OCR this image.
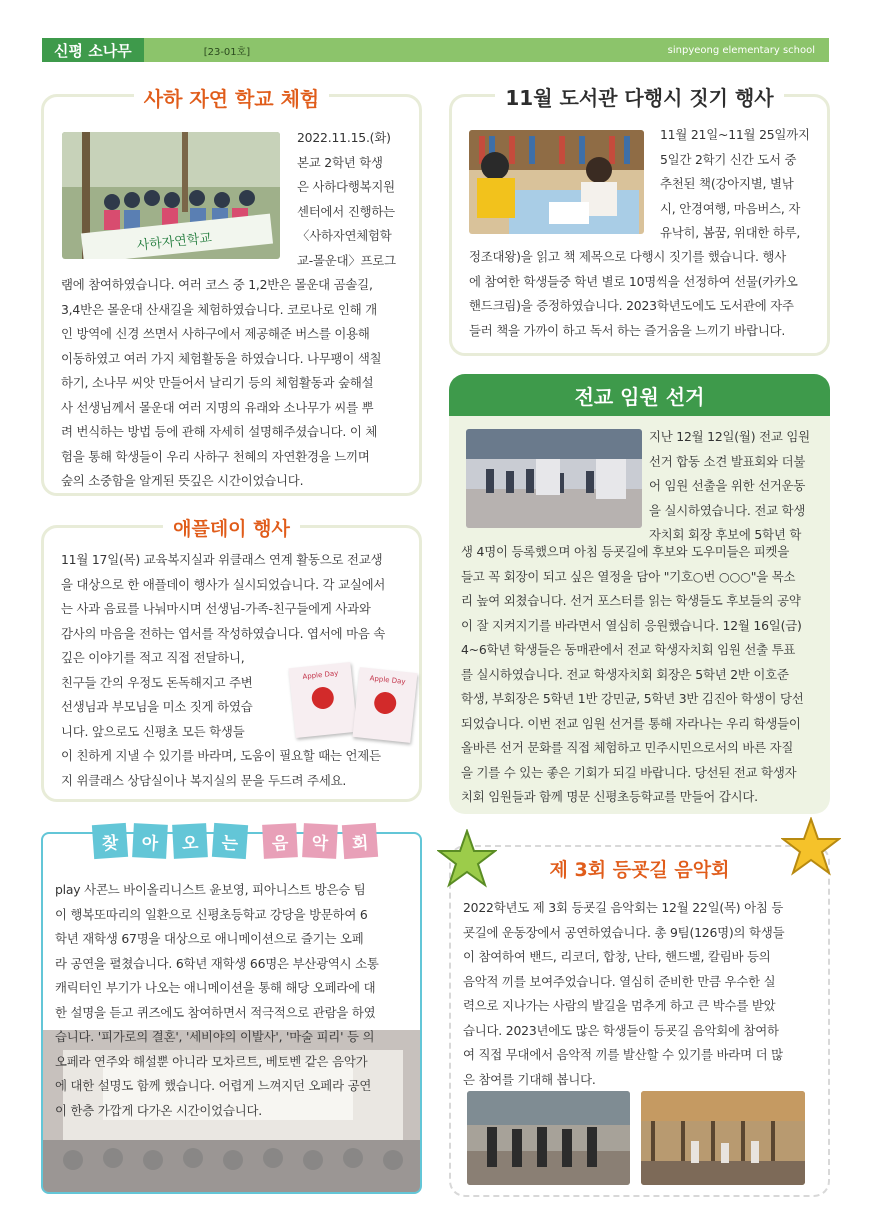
신평 소나무	[23-01호]	sinpyeong elementary school
사하 자연 학교 체험
사하자연학교
2022.11.15.(화)
본교 2학년 학생
은 사하다행복지원
센터에서 진행하는
〈사하자연체험학
교-몰운대〉프로그
램에 참여하였습니다. 여러 코스 중 1,2반은 몰운대 곰솔길,
3,4반은 몰운대 산새길을 체험하였습니다. 코로나로 인해 개
인 방역에 신경 쓰면서 사하구에서 제공해준 버스를 이용해
이동하였고 여러 가지 체험활동을 하였습니다. 나무팽이 색칠
하기, 소나무 씨앗 만들어서 날리기 등의 체험활동과 숲해설
사 선생님께서 몰운대 여러 지명의 유래와 소나무가 씨를 뿌
려 번식하는 방법 등에 관해 자세히 설명해주셨습니다. 이 체
험을 통해 학생들이 우리 사하구 천혜의 자연환경을 느끼며
숲의 소중함을 알게된 뜻깊은 시간이었습니다.
11월 도서관 다행시 짓기 행사
11월 21일~11월 25일까지
5일간 2학기 신간 도서 중
추천된 책(강아지별, 별낚
시, 안경여행, 마음버스, 자
유낙히, 봄꿈, 위대한 하루,
정조대왕)을 읽고 책 제목으로 다행시 짓기를 했습니다. 행사
에 참여한 학생들중 학년 별로 10명씩을 선정하여 선물(카카오
핸드크림)을 증정하였습니다. 2023학년도에도 도서관에 자주
들러 책을 가까이 하고 독서 하는 즐거움을 느끼기 바랍니다.
애플데이 행사
11월 17일(목) 교육복지실과 위클래스 연계 활동으로 전교생
을 대상으로 한 애플데이 행사가 실시되었습니다. 각 교실에서
는 사과 음료를 나눠마시며 선생님-가족-친구들에게 사과와
감사의 마음을 전하는 엽서를 작성하였습니다. 엽서에 마음 속
깊은 이야기를 적고 직접 전달하니,
친구들 간의 우정도 돈독해지고 주변
선생님과 부모님을 미소 짓게 하였습
니다. 앞으로도 신평초 모든 학생들
이 친하게 지낼 수 있기를 바라며, 도움이 필요할 때는 언제든
지 위클래스 상담실이나 복지실의 문을 두드려 주세요.
Apple Day	Apple Day
전교 임원 선거
지난 12월 12일(월) 전교 임원
선거 합동 소견 발표회와 더불
어 임원 선출을 위한 선거운동
을 실시하였습니다. 전교 학생
자치회 회장 후보에 5학년 학
생 4명이 등록했으며 아침 등굣길에 후보와 도우미들은 피켓을
들고 꼭 회장이 되고 싶은 열정을 담아 "기호○번 ○○○"을 목소
리 높여 외쳤습니다. 선거 포스터를 읽는 학생들도 후보들의 공약
이 잘 지켜지기를 바라면서 열심히 응원했습니다. 12월 16일(금)
4~6학년 학생들은 동매관에서 전교 학생자치회 임원 선출 투표
를 실시하였습니다. 전교 학생자치회 회장은 5학년 2반 이호준
학생, 부회장은 5학년 1반 강민균, 5학년 3반 김진아 학생이 당선
되었습니다. 이번 전교 임원 선거를 통해 자라나는 우리 학생들이
올바른 선거 문화를 직접 체험하고 민주시민으로서의 바른 자질
을 기를 수 있는 좋은 기회가 되길 바랍니다. 당선된 전교 학생자
치회 임원들과 함께 명문 신평초등학교를 만들어 갑시다.
찾	아	오	는	음	악	회
play 사콘느 바이올리니스트 윤보영, 피아니스트 방은승 팀
이 행복또따리의 일환으로 신평초등학교 강당을 방문하여 6
학년 재학생 67명을 대상으로 애니메이션으로 즐기는 오페
라 공연을 펼쳤습니다. 6학년 재학생 66명은 부산광역시 소통
캐릭터인 부기가 나오는 애니메이션을 통해 해당 오페라에 대
한 설명을 듣고 퀴즈에도 참여하면서 적극적으로 관람을 하였
습니다. '피가로의 결혼', '세비야의 이발사', '마술 피리' 등 의
오페라 연주와 해설뿐 아니라 모차르트, 베토벤 같은 음악가
에 대한 설명도 함께 했습니다. 어렵게 느껴지던 오페라 공연
이 한층 가깝게 다가온 시간이었습니다.
제 3회 등굣길 음악회
2022학년도 제 3회 등굣길 음악회는 12월 22일(목) 아침 등
굣길에 운동장에서 공연하였습니다. 총 9팀(126명)의 학생들
이 참여하여 밴드, 리코더, 합창, 난타, 핸드벨, 칼림바 등의
음악적 끼를 보여주었습니다. 열심히 준비한 만큼 우수한 실
력으로 지나가는 사람의 발길을 멈추게 하고 큰 박수를 받았
습니다. 2023년에도 많은 학생들이 등굣길 음악회에 참여하
여 직접 무대에서 음악적 끼를 발산할 수 있기를 바라며 더 많
은 참여를 기대해 봅니다.
